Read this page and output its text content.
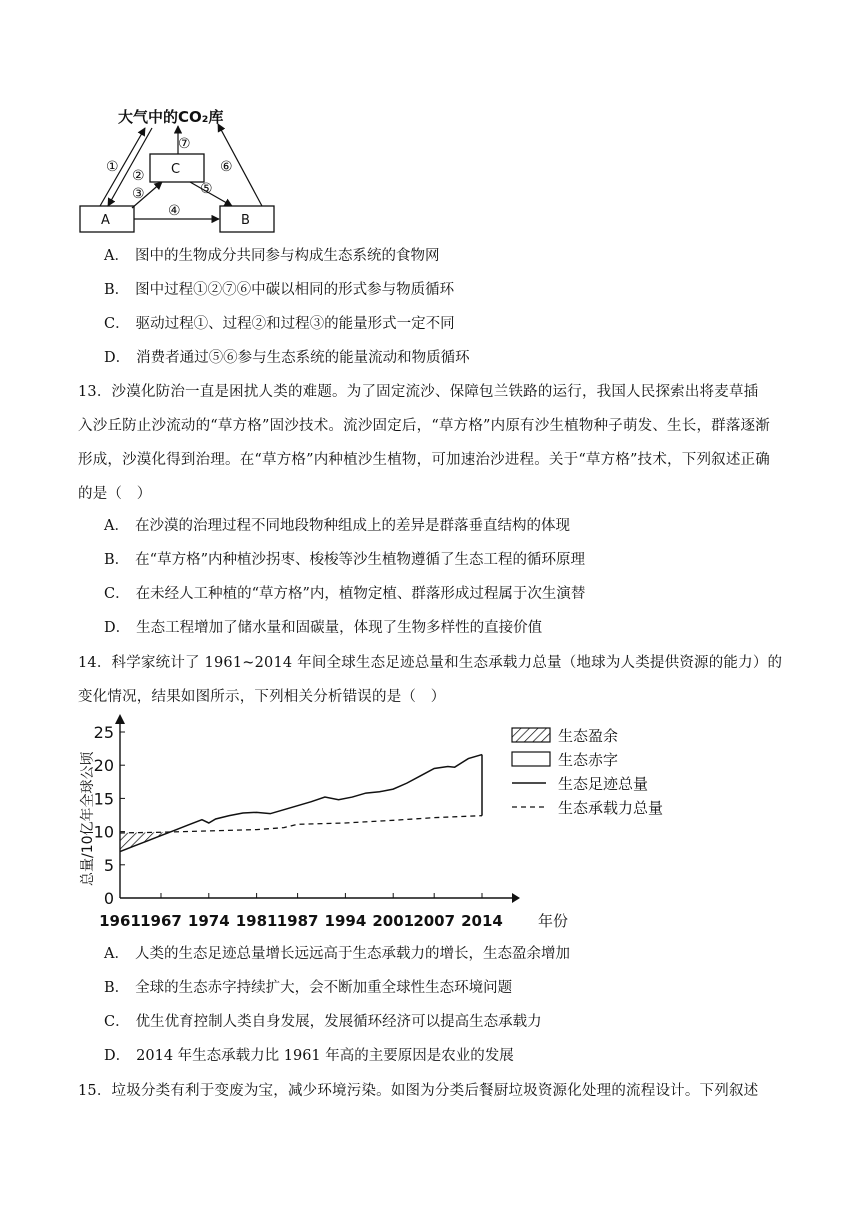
大气中的CO₂库
C
A	B
①
②
③
④
⑤
⑥
⑦
A． 图中的生物成分共同参与构成生态系统的食物网
B． 图中过程①②⑦⑥中碳以相同的形式参与物质循环
C． 驱动过程①、过程②和过程③的能量形式一定不同
D． 消费者通过⑤⑥参与生态系统的能量流动和物质循环
13．沙漠化防治一直是困扰人类的难题。为了固定流沙、保障包兰铁路的运行，我国人民探索出将麦草插
入沙丘防止沙流动的“草方格”固沙技术。流沙固定后，“草方格”内原有沙生植物种子萌发、生长，群落逐渐
形成，沙漠化得到治理。在“草方格”内种植沙生植物，可加速治沙进程。关于“草方格”技术，下列叙述正确
的是（　）
A． 在沙漠的治理过程不同地段物种组成上的差异是群落垂直结构的体现
B． 在“草方格”内种植沙拐枣、梭梭等沙生植物遵循了生态工程的循环原理
C． 在未经人工种植的“草方格”内，植物定植、群落形成过程属于次生演替
D． 生态工程增加了储水量和固碳量，体现了生物多样性的直接价值
14．科学家统计了 1961~2014 年间全球生态足迹总量和生态承载力总量（地球为人类提供资源的能力）的
变化情况，结果如图所示，下列相关分析错误的是（　）
0
5
10
15
20
25
1961 1967 1974 1981 1987 1994 2001 2007 2014 年份
总量/10亿年全球公顷
生态盈余
生态赤字
生态足迹总量
生态承载力总量
A． 人类的生态足迹总量增长远远高于生态承载力的增长，生态盈余增加
B． 全球的生态赤字持续扩大，会不断加重全球性生态环境问题
C． 优生优育控制人类自身发展，发展循环经济可以提高生态承载力
D． 2014 年生态承载力比 1961 年高的主要原因是农业的发展
15．垃圾分类有利于变废为宝，减少环境污染。如图为分类后餐厨垃圾资源化处理的流程设计。下列叙述
